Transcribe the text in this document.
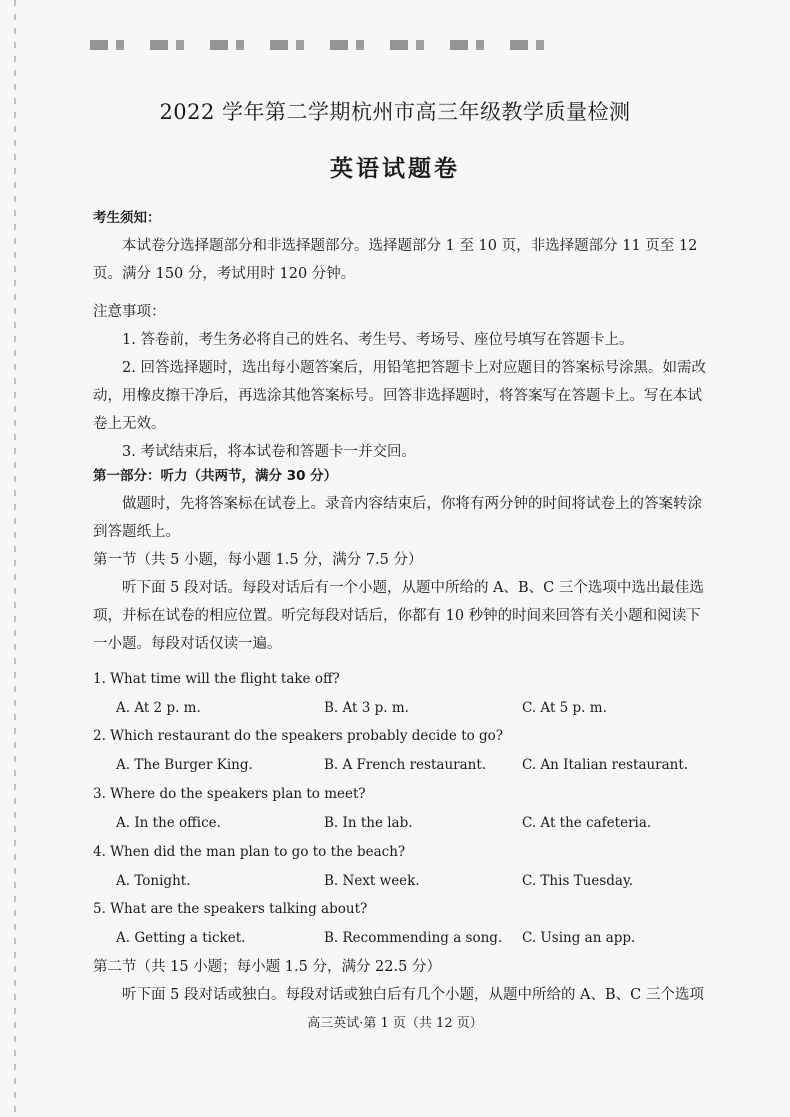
2022 学年第二学期杭州市高三年级教学质量检测
英语试题卷

考生须知：

本试卷分选择题部分和非选择题部分。选择题部分 1 至 10 页，非选择题部分 11 页至 12 页。满分 150 分，考试用时 120 分钟。

注意事项：

1. 答卷前，考生务必将自己的姓名、考生号、考场号、座位号填写在答题卡上。

2. 回答选择题时，选出每小题答案后，用铅笔把答题卡上对应题目的答案标号涂黑。如需改动，用橡皮擦干净后，再选涂其他答案标号。回答非选择题时，将答案写在答题卡上。写在本试卷上无效。

3. 考试结束后，将本试卷和答题卡一并交回。

第一部分：听力（共两节，满分 30 分）

做题时，先将答案标在试卷上。录音内容结束后，你将有两分钟的时间将试卷上的答案转涂到答题纸上。

第一节（共 5 小题，每小题 1.5 分，满分 7.5 分）

听下面 5 段对话。每段对话后有一个小题，从题中所给的 A、B、C 三个选项中选出最佳选项，并标在试卷的相应位置。听完每段对话后，你都有 10 秒钟的时间来回答有关小题和阅读下一小题。每段对话仅读一遍。

1. What time will the flight take off?
A. At 2 p. m.	B. At 3 p. m.	C. At 5 p. m.
2. Which restaurant do the speakers probably decide to go?
A. The Burger King.	B. A French restaurant.	C. An Italian restaurant.
3. Where do the speakers plan to meet?
A. In the office.	B. In the lab.	C. At the cafeteria.
4. When did the man plan to go to the beach?
A. Tonight.	B. Next week.	C. This Tuesday.
5. What are the speakers talking about?
A. Getting a ticket.	B. Recommending a song. C. Using an app.

第二节（共 15 小题；每小题 1.5 分，满分 22.5 分）

听下面 5 段对话或独白。每段对话或独白后有几个小题，从题中所给的 A、B、C 三个选项

高三英试·第 1 页（共 12 页）
